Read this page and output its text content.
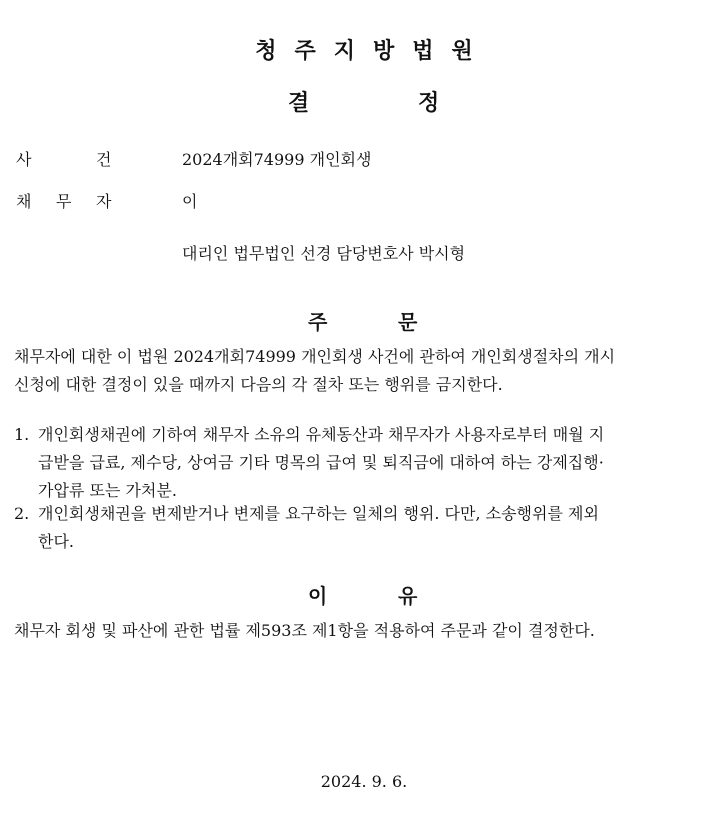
청주지방법원
결	정
사	건	2024개회74999 개인회생
채 무 자	이
대리인 법무법인 선경 담당변호사 박시형
주	문
채무자에 대한 이 법원 2024개회74999 개인회생 사건에 관하여 개인회생절차의 개시
신청에 대한 결정이 있을 때까지 다음의 각 절차 또는 행위를 금지한다.
1. 개인회생채권에 기하여 채무자 소유의 유체동산과 채무자가 사용자로부터 매월 지
급받을 급료, 제수당, 상여금 기타 명목의 급여 및 퇴직금에 대하여 하는 강제집행·
가압류 또는 가처분.
2. 개인회생채권을 변제받거나 변제를 요구하는 일체의 행위. 다만, 소송행위를 제외
한다.
이	유
채무자 회생 및 파산에 관한 법률 제593조 제1항을 적용하여 주문과 같이 결정한다.
2024. 9. 6.
